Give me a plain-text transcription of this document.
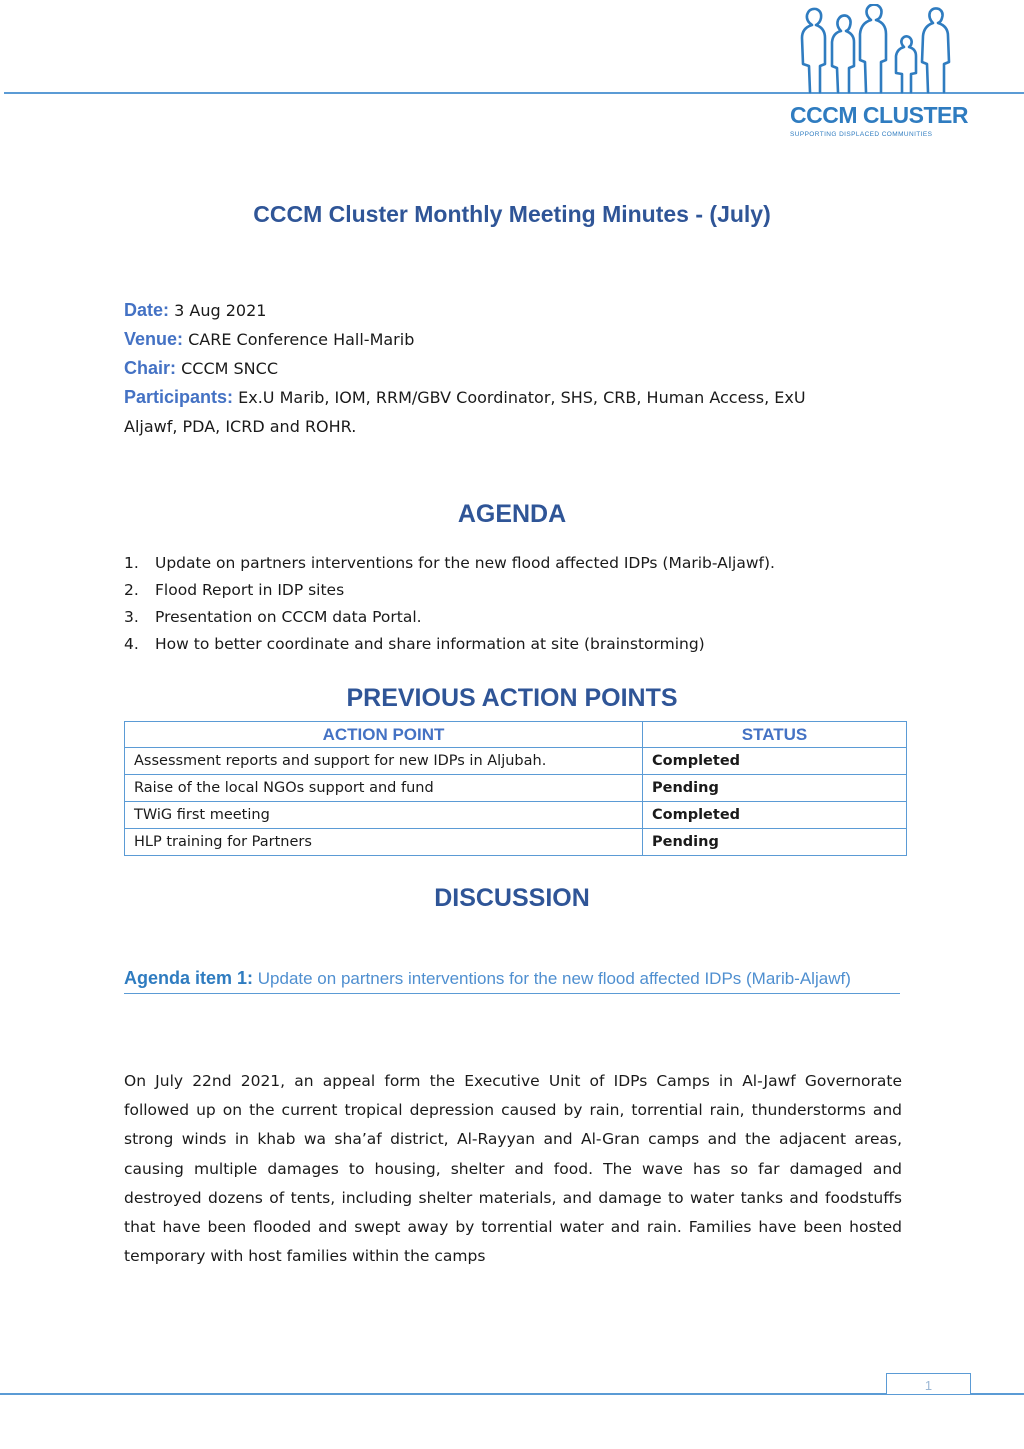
CCCM CLUSTER
SUPPORTING DISPLACED COMMUNITIES
CCCM Cluster Monthly Meeting Minutes - (July)

Date: 3 Aug 2021

Venue: CARE Conference Hall-Marib

Chair: CCCM SNCC

Participants: Ex.U Marib, IOM, RRM/GBV Coordinator, SHS, CRB, Human Access, ExU Aljawf, PDA, ICRD and ROHR.

AGENDA
1.	Update on partners interventions for the new flood affected IDPs (Marib-Aljawf).
2.	Flood Report in IDP sites
3.	Presentation on CCCM data Portal.
4.	How to better coordinate and share information at site (brainstorming)
PREVIOUS ACTION POINTS
ACTION POINT	STATUS
Assessment reports and support for new IDPs in Aljubah.	Completed
Raise of the local NGOs support and fund	Pending
TWiG first meeting	Completed
HLP training for Partners	Pending
DISCUSSION
Agenda item 1: Update on partners interventions for the new flood affected IDPs (Marib-Aljawf)
On July 22nd 2021, an appeal form the Executive Unit of IDPs Camps in Al-Jawf Governorate followed up on the current tropical depression caused by rain, torrential rain, thunderstorms and strong winds in khab wa sha’af district, Al-Rayyan and Al-Gran camps and the adjacent areas, causing multiple damages to housing, shelter and food. The wave has so far damaged and destroyed dozens of tents, including shelter materials, and damage to water tanks and foodstuffs that have been flooded and swept away by torrential water and rain. Families have been hosted temporary with host families within the camps
1
